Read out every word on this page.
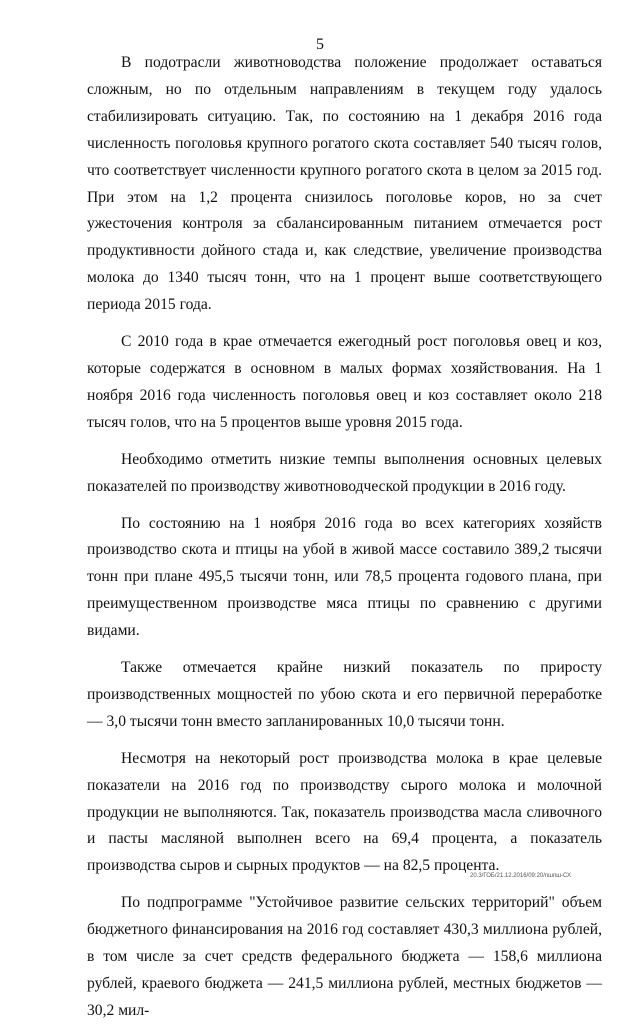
5

В подотрасли животноводства положение продолжает оставаться сложным, но по отдельным направлениям в текущем году удалось стабилизировать ситуацию. Так, по состоянию на 1 декабря 2016 года численность поголовья крупного рогатого скота составляет 540 тысяч голов, что соответствует численности крупного рогатого скота в целом за 2015 год. При этом на 1,2 процента снизилось поголовье коров, но за счет ужесточения контроля за сбалансированным питанием отмечается рост продуктивности дойного стада и, как следствие, увеличение производства молока до 1340 тысяч тонн, что на 1 процент выше соответствующего периода 2015 года.

С 2010 года в крае отмечается ежегодный рост поголовья овец и коз, которые содержатся в основном в малых формах хозяйствования. На 1 ноября 2016 года численность поголовья овец и коз составляет около 218 тысяч голов, что на 5 процентов выше уровня 2015 года.

Необходимо отметить низкие темпы выполнения основных целевых показателей по производству животноводческой продукции в 2016 году.

По состоянию на 1 ноября 2016 года во всех категориях хозяйств производство скота и птицы на убой в живой массе составило 389,2 тысячи тонн при плане 495,5 тысячи тонн, или 78,5 процента годового плана, при преимущественном производстве мяса птицы по сравнению с другими видами.

Также отмечается крайне низкий показатель по приросту производственных мощностей по убою скота и его первичной переработке — 3,0 тысячи тонн вместо запланированных 10,0 тысячи тонн.

Несмотря на некоторый рост производства молока в крае целевые показатели на 2016 год по производству сырого молока и молочной продукции не выполняются. Так, показатель производства масла сливочного и пасты масляной выполнен всего на 69,4 процента, а показатель производства сыров и сырных продуктов — на 82,5 процента.

По подпрограмме "Устойчивое развитие сельских территорий" объем бюджетного финансирования на 2016 год составляет 430,3 миллиона рублей, в том числе за счет средств федерального бюджета — 158,6 миллиона рублей, краевого бюджета — 241,5 миллиона рублей, местных бюджетов — 30,2 мил-

20.3/ГОБ/21.12.2016/09:20/пшпш-СХ
